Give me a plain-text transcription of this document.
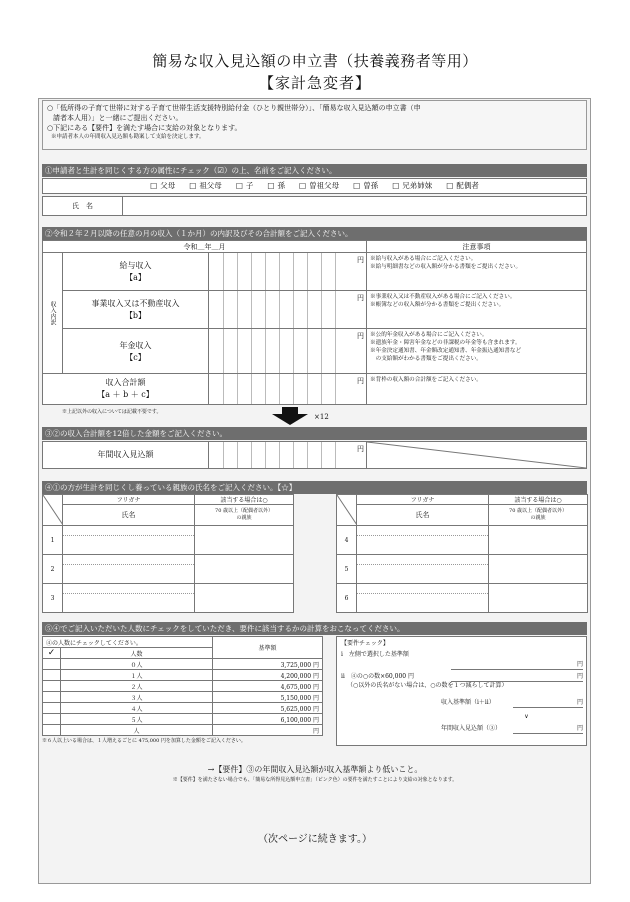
簡易な収入見込額の申立書（扶養義務者等用）
【家計急変者】
○「低所得の子育て世帯に対する子育て世帯生活支援特別給付金（ひとり親世帯分）」、「簡易な収入見込額の申立書（申
請者本人用）」と一緒にご提出ください。
○下記にある【要件】を満たす場合に支給の対象となります。
※申請者本人の年間収入見込額も勘案して支給を決定します。
①申請者と生計を同じくする方の属性にチェック（☑）の上、名前をご記入ください。
□ 父母 □ 祖父母 □ 子 □ 孫 □ 曽祖父母 □ 曽孫 □ 兄弟姉妹 □ 配偶者
氏　名
②令和２年２月以降の任意の月の収入（１か月）の内訳及びその合計額をご記入ください。
令和＿年＿月	注意事項
収入内訳
給与収入
【a】
円 ※給与収入がある場合にご記入ください。
※給与明細書などの収入額が分かる書類をご提出ください。
事業収入又は不動産収入
【b】
円 ※事業収入又は不動産収入がある場合にご記入ください。
※帳簿などの収入額が分かる書類をご提出ください。
年金収入
【c】
円 ※公的年金収入がある場合にご記入ください。
※遺族年金・障害年金などの非課税の年金等も含まれます。
※年金決定通知書、年金額改定通知書、年金振込通知書など
　の支給額がわかる書類をご提出ください。
収入合計額
【a ＋ b ＋ c】
円	※背枠の収入額の合計額をご記入ください。
※上記以外の収入については記載不要です。
×12
③②の収入合計額を12倍した金額をご記入ください。
年間収入見込額
円
④①の方が生計を同じくし養っている親族の氏名をご記入ください。【☆】
	フリガナ	該当する場合は○
	氏名	70 歳以上（配偶者以外）
の親族

1	

2	

3	

	フリガナ	該当する場合は○
	氏名	70 歳以上（配偶者以外）
の親族

4	

5	

6	

⑤④でご記入いただいた人数にチェックをしていただき、要件に該当するかの計算をおこなってください。
④の人数にチェックしてください。		基準額
✓	人数	
	０人	3,725,000 円
	１人	4,200,000 円
	２人	4,675,000 円
	３人	5,150,000 円
	４人	5,625,000 円
	５人	6,100,000 円
	人	円
※６人以上いる場合は、１人増えるごとに 475,000 円を加算した金額をご記入ください。
【要件チェック】
ⅰ　左側で選択した基準額
円
ⅱ　④の○の数×60,000 円
（○以外の氏名がない場合は、○の数を１つ減らして計算）
円
収入基準額（ⅰ＋ⅱ）	円
∨
年間収入見込額（③）	円
→【要件】③の年間収入見込額が収入基準額より低いこと。
※【要件】を満たさない場合でも、「簡易な所得見込額申立書」（ピンク色）の要件を満たすことにより支給の対象となります。
（次ページに続きます。）
